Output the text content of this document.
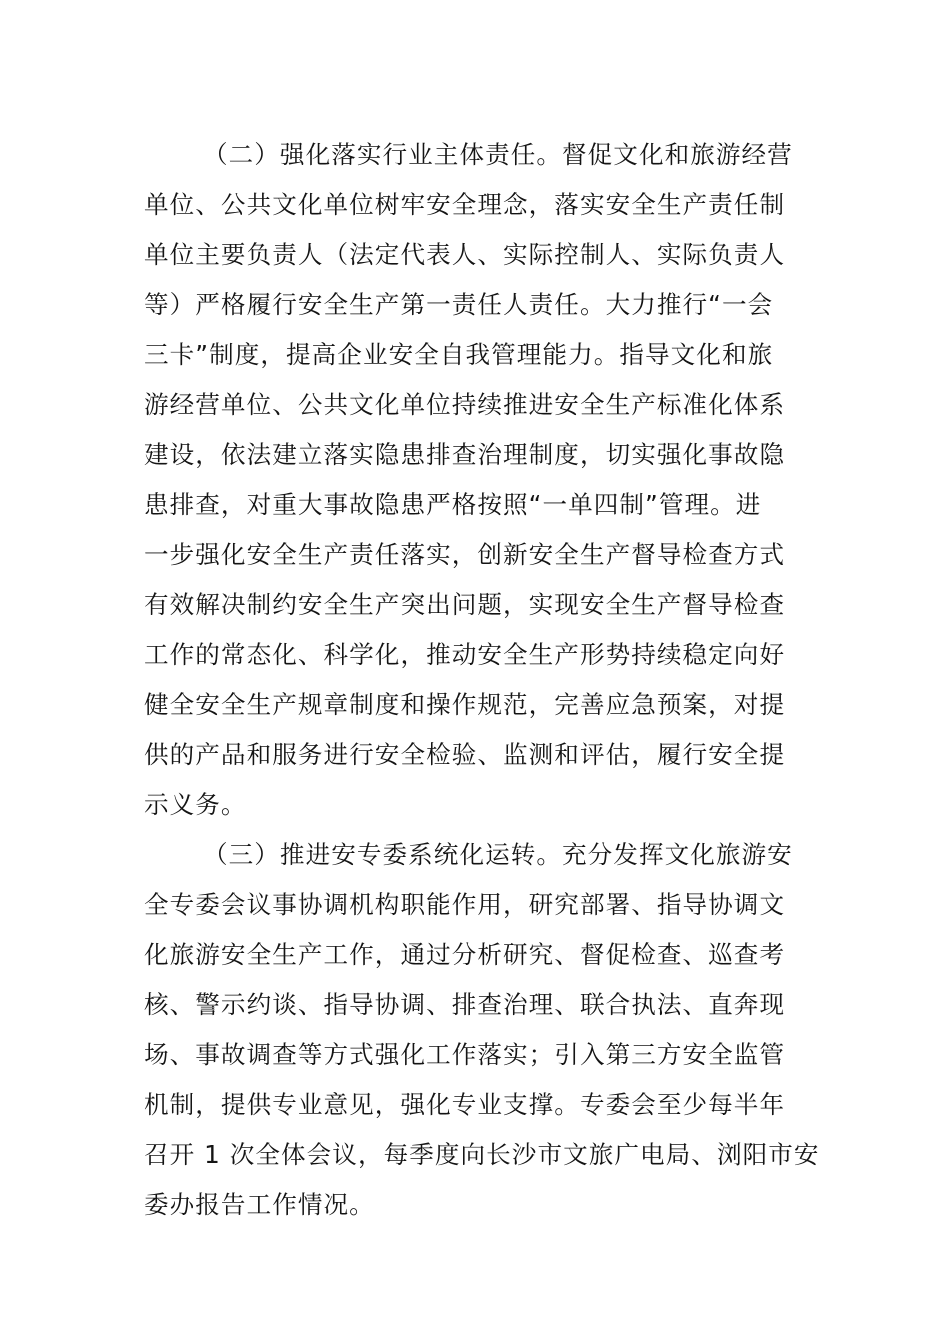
（二）强化落实行业主体责任。督促文化和旅游经营
单位、公共文化单位树牢安全理念，落实安全生产责任制
单位主要负责人（法定代表人、实际控制人、实际负责人
等）严格履行安全生产第一责任人责任。大力推行“一会
三卡”制度，提高企业安全自我管理能力。指导文化和旅
游经营单位、公共文化单位持续推进安全生产标准化体系
建设，依法建立落实隐患排查治理制度，切实强化事故隐
患排查，对重大事故隐患严格按照“一单四制”管理。进
一步强化安全生产责任落实，创新安全生产督导检查方式
有效解决制约安全生产突出问题，实现安全生产督导检查
工作的常态化、科学化，推动安全生产形势持续稳定向好
健全安全生产规章制度和操作规范，完善应急预案，对提
供的产品和服务进行安全检验、监测和评估，履行安全提
示义务。
（三）推进安专委系统化运转。充分发挥文化旅游安
全专委会议事协调机构职能作用，研究部署、指导协调文
化旅游安全生产工作，通过分析研究、督促检查、巡查考
核、警示约谈、指导协调、排查治理、联合执法、直奔现
场、事故调查等方式强化工作落实；引入第三方安全监管
机制，提供专业意见，强化专业支撑。专委会至少每半年
召开 1 次全体会议，每季度向长沙市文旅广电局、浏阳市安
委办报告工作情况。
